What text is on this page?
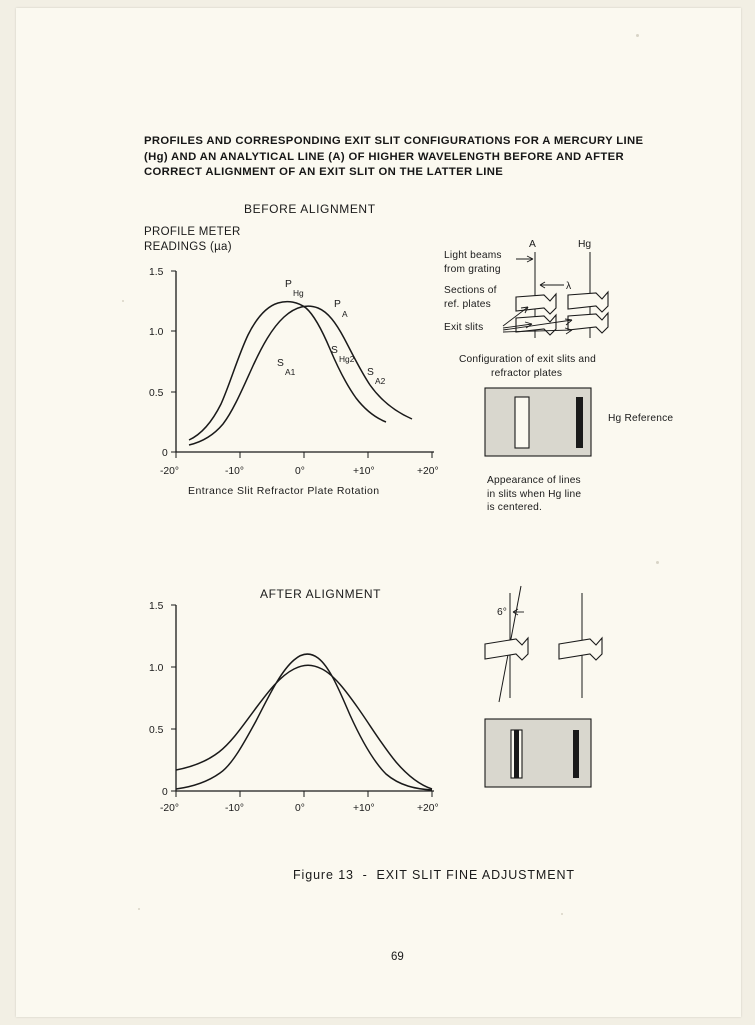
PROFILES AND CORRESPONDING EXIT SLIT CONFIGURATIONS FOR A MERCURY LINE (Hg) AND AN ANALYTICAL LINE (A) OF HIGHER WAVELENGTH BEFORE AND AFTER CORRECT ALIGNMENT OF AN EXIT SLIT ON THE LATTER LINE
BEFORE ALIGNMENT
PROFILE METER
READINGS (µa)
Entrance Slit Refractor Plate Rotation
1.5
1.0
0.5
0
-20°	-10°	0°	+10°	+20°
P
Hg
P
A
S
A1
S
Hg2
S
A2
A	Hg
λ
1.5
1.0
0.5
0
-20°	-10°	0°	+10°	+20°
6°
Light beams
from grating
Sections of
ref. plates
Exit slits
Configuration of exit slits and
refractor plates
Hg Reference
Appearance of lines
in slits when Hg line
is centered.
AFTER ALIGNMENT
Figure 13  -  EXIT SLIT FINE ADJUSTMENT
69
